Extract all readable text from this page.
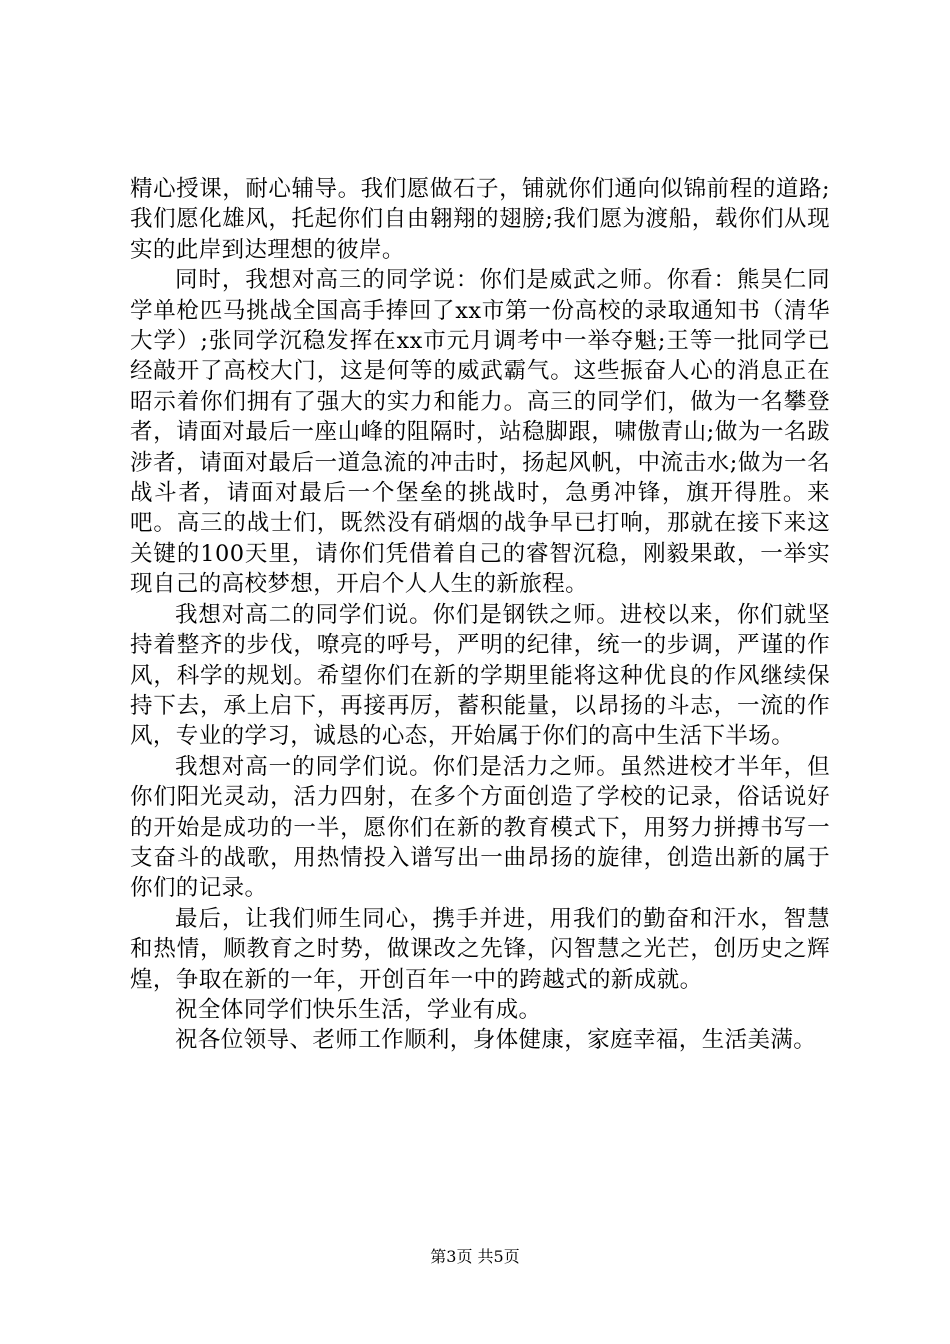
精心授课，耐心辅导。我们愿做石子，铺就你们通向似锦前程的道路;我们愿化雄风，托起你们自由翱翔的翅膀;我们愿为渡船，载你们从现实的此岸到达理想的彼岸。

同时，我想对高三的同学说：你们是威武之师。你看：熊昊仁同学单枪匹马挑战全国高手捧回了xx市第一份高校的录取通知书（清华大学）;张同学沉稳发挥在xx市元月调考中一举夺魁;王等一批同学已经敲开了高校大门，这是何等的威武霸气。这些振奋人心的消息正在昭示着你们拥有了强大的实力和能力。高三的同学们，做为一名攀登者，请面对最后一座山峰的阻隔时，站稳脚跟，啸傲青山;做为一名跋涉者，请面对最后一道急流的冲击时，扬起风帆，中流击水;做为一名战斗者，请面对最后一个堡垒的挑战时，急勇冲锋，旗开得胜。来吧。高三的战士们，既然没有硝烟的战争早已打响，那就在接下来这关键的100天里，请你们凭借着自己的睿智沉稳，刚毅果敢，一举实现自己的高校梦想，开启个人人生的新旅程。

我想对高二的同学们说。你们是钢铁之师。进校以来，你们就坚持着整齐的步伐，嘹亮的呼号，严明的纪律，统一的步调，严谨的作风，科学的规划。希望你们在新的学期里能将这种优良的作风继续保持下去，承上启下，再接再厉，蓄积能量，以昂扬的斗志，一流的作风，专业的学习，诚恳的心态，开始属于你们的高中生活下半场。

我想对高一的同学们说。你们是活力之师。虽然进校才半年，但你们阳光灵动，活力四射，在多个方面创造了学校的记录，俗话说好的开始是成功的一半，愿你们在新的教育模式下，用努力拼搏书写一支奋斗的战歌，用热情投入谱写出一曲昂扬的旋律，创造出新的属于你们的记录。

最后，让我们师生同心，携手并进，用我们的勤奋和汗水，智慧和热情，顺教育之时势，做课改之先锋，闪智慧之光芒，创历史之辉煌，争取在新的一年，开创百年一中的跨越式的新成就。

祝全体同学们快乐生活，学业有成。

祝各位领导、老师工作顺利，身体健康，家庭幸福，生活美满。

第3页 共5页
